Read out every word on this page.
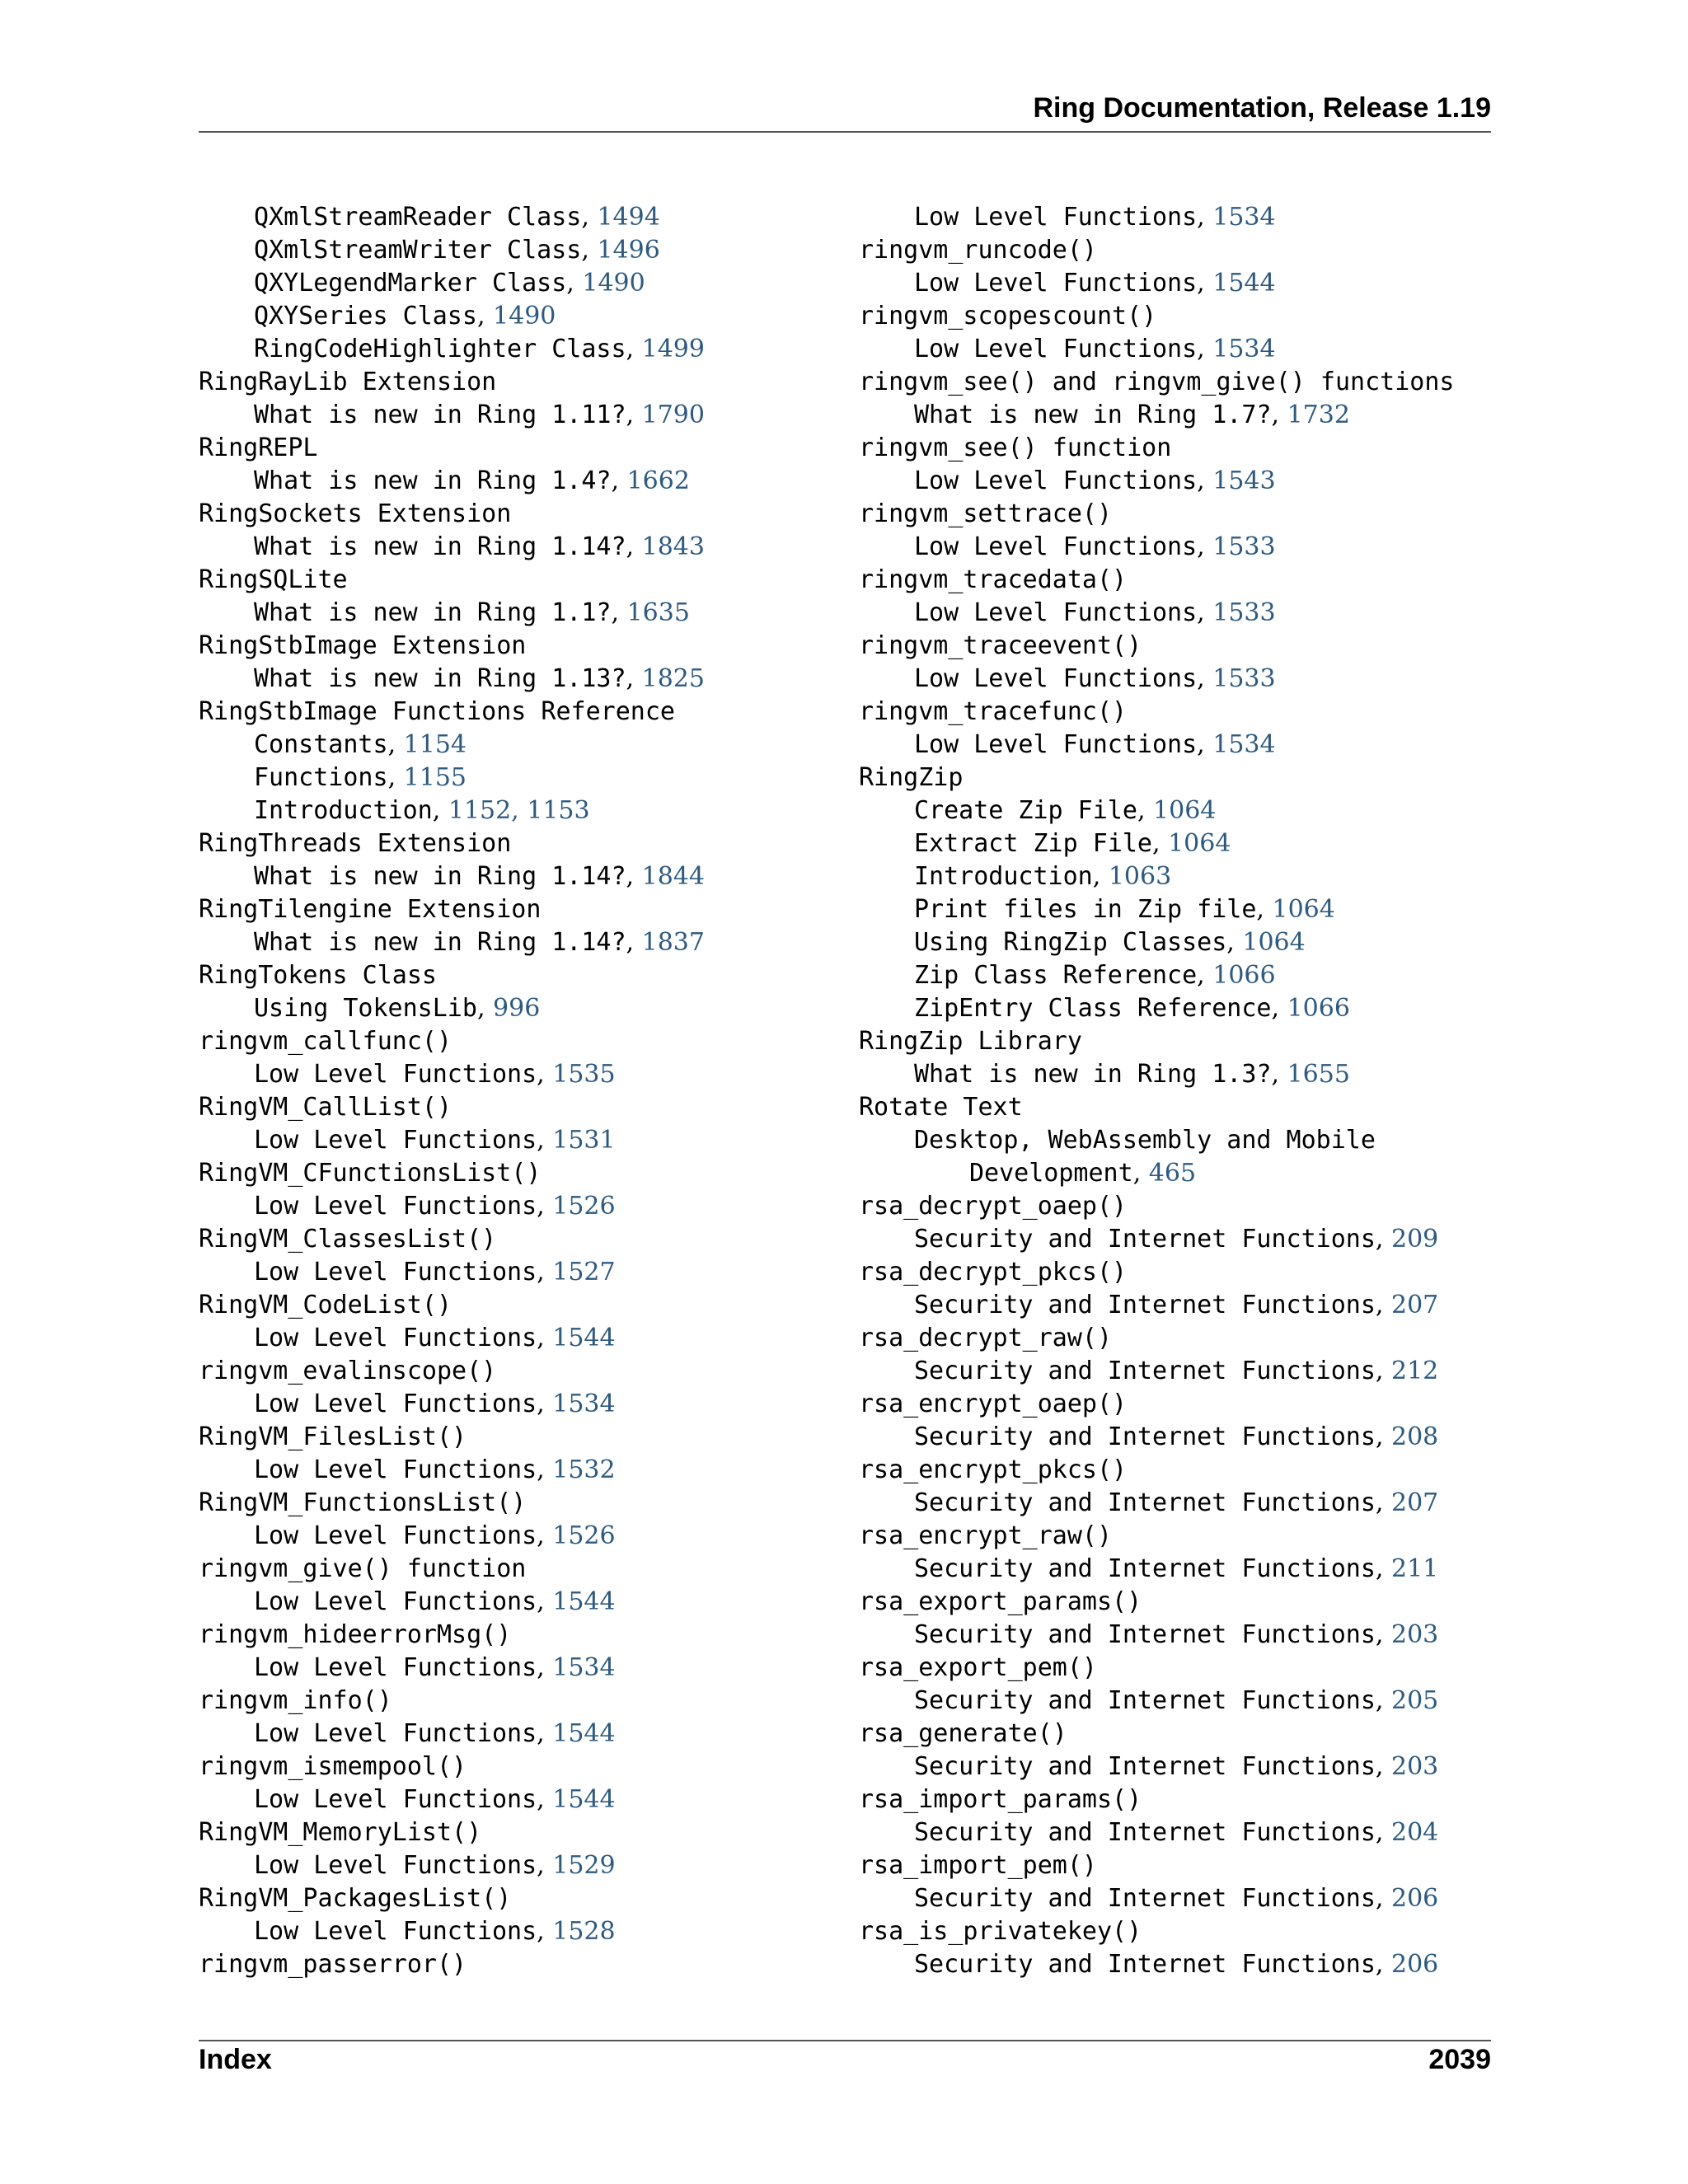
Ring Documentation, Release 1.19
QXmlStreamReader Class, 1494
QXmlStreamWriter Class, 1496
QXYLegendMarker Class, 1490
QXYSeries Class, 1490
RingCodeHighlighter Class, 1499
RingRayLib Extension
What is new in Ring 1.11?, 1790
RingREPL
What is new in Ring 1.4?, 1662
RingSockets Extension
What is new in Ring 1.14?, 1843
RingSQLite
What is new in Ring 1.1?, 1635
RingStbImage Extension
What is new in Ring 1.13?, 1825
RingStbImage Functions Reference
Constants, 1154
Functions, 1155
Introduction, 1152, 1153
RingThreads Extension
What is new in Ring 1.14?, 1844
RingTilengine Extension
What is new in Ring 1.14?, 1837
RingTokens Class
Using TokensLib, 996
ringvm_callfunc()
Low Level Functions, 1535
RingVM_CallList()
Low Level Functions, 1531
RingVM_CFunctionsList()
Low Level Functions, 1526
RingVM_ClassesList()
Low Level Functions, 1527
RingVM_CodeList()
Low Level Functions, 1544
ringvm_evalinscope()
Low Level Functions, 1534
RingVM_FilesList()
Low Level Functions, 1532
RingVM_FunctionsList()
Low Level Functions, 1526
ringvm_give() function
Low Level Functions, 1544
ringvm_hideerrorMsg()
Low Level Functions, 1534
ringvm_info()
Low Level Functions, 1544
ringvm_ismempool()
Low Level Functions, 1544
RingVM_MemoryList()
Low Level Functions, 1529
RingVM_PackagesList()
Low Level Functions, 1528
ringvm_passerror()
Low Level Functions, 1534
ringvm_runcode()
Low Level Functions, 1544
ringvm_scopescount()
Low Level Functions, 1534
ringvm_see() and ringvm_give() functions
What is new in Ring 1.7?, 1732
ringvm_see() function
Low Level Functions, 1543
ringvm_settrace()
Low Level Functions, 1533
ringvm_tracedata()
Low Level Functions, 1533
ringvm_traceevent()
Low Level Functions, 1533
ringvm_tracefunc()
Low Level Functions, 1534
RingZip
Create Zip File, 1064
Extract Zip File, 1064
Introduction, 1063
Print files in Zip file, 1064
Using RingZip Classes, 1064
Zip Class Reference, 1066
ZipEntry Class Reference, 1066
RingZip Library
What is new in Ring 1.3?, 1655
Rotate Text
Desktop, WebAssembly and Mobile
Development, 465
rsa_decrypt_oaep()
Security and Internet Functions, 209
rsa_decrypt_pkcs()
Security and Internet Functions, 207
rsa_decrypt_raw()
Security and Internet Functions, 212
rsa_encrypt_oaep()
Security and Internet Functions, 208
rsa_encrypt_pkcs()
Security and Internet Functions, 207
rsa_encrypt_raw()
Security and Internet Functions, 211
rsa_export_params()
Security and Internet Functions, 203
rsa_export_pem()
Security and Internet Functions, 205
rsa_generate()
Security and Internet Functions, 203
rsa_import_params()
Security and Internet Functions, 204
rsa_import_pem()
Security and Internet Functions, 206
rsa_is_privatekey()
Security and Internet Functions, 206
Index	2039
